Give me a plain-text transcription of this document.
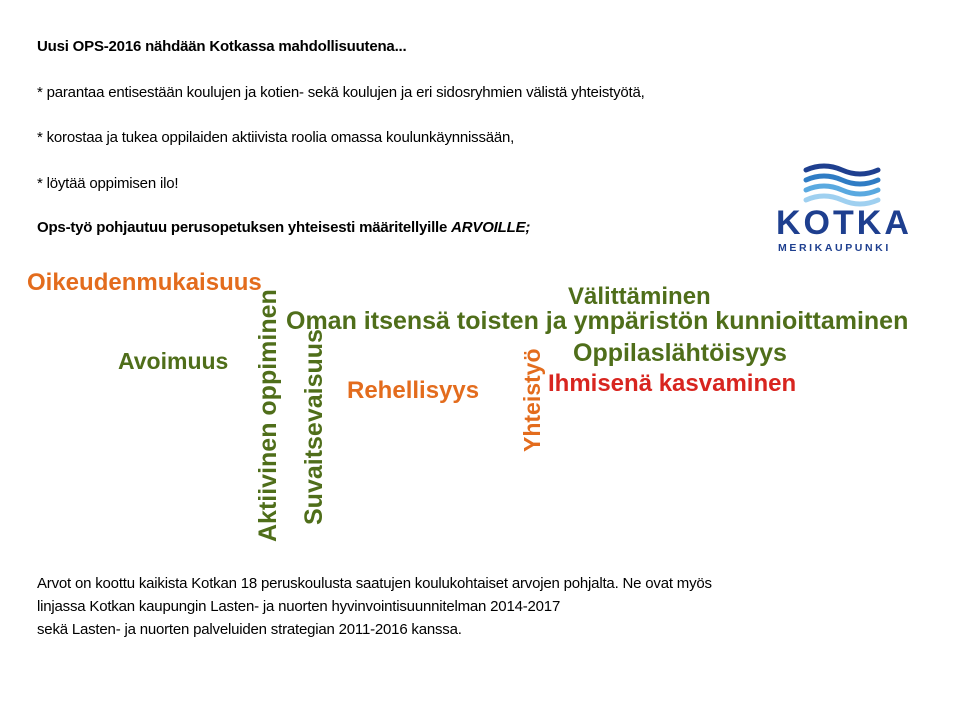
Uusi OPS-2016 nähdään Kotkassa mahdollisuutena...
* parantaa entisestään koulujen ja kotien- sekä koulujen ja eri sidosryhmien välistä yhteistyötä,
* korostaa ja tukea oppilaiden aktiivista roolia omassa koulunkäynnissään,
* löytää oppimisen ilo!
Ops-työ pohjautuu perusopetuksen yhteisesti määritellyille ARVOILLE;	KOTKA
MERIKAUPUNKI
Oikeudenmukaisuus
Avoimuus Aktiivinen oppiminen Suvaitsevaisuus
Oman itsensä toisten ja ympäristön kunnioittaminen
Rehellisyys Yhteistyö
Välittäminen
Oppilaslähtöisyys
Ihmisenä kasvaminen
Arvot on koottu kaikista Kotkan 18 peruskoulusta saatujen koulukohtaiset arvojen pohjalta. Ne ovat myös
linjassa Kotkan kaupungin Lasten- ja nuorten hyvinvointisuunnitelman 2014-2017
sekä Lasten- ja nuorten palveluiden strategian 2011-2016 kanssa.
